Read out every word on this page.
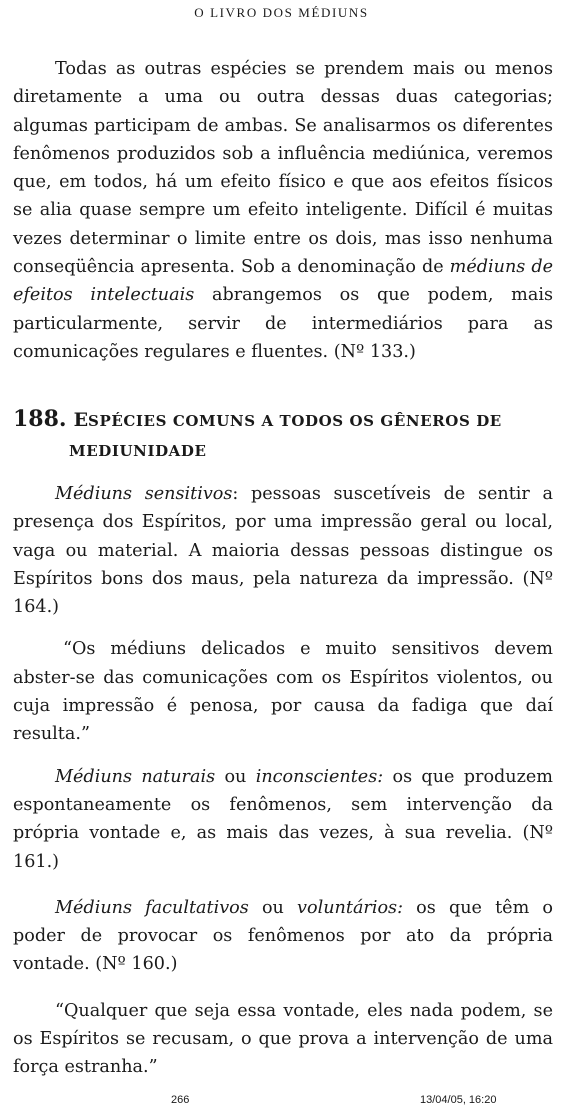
O LIVRO DOS MÉDIUNS

Todas as outras espécies se prendem mais ou menos diretamente a uma ou outra dessas duas categorias; algumas participam de ambas. Se analisarmos os diferentes fenômenos produzidos sob a influência mediúnica, veremos que, em todos, há um efeito físico e que aos efeitos físicos se alia quase sempre um efeito inteligente. Difícil é muitas vezes determinar o limite entre os dois, mas isso nenhuma conseqüência apresenta. Sob a denominação de médiuns de efeitos intelectuais abrangemos os que podem, mais particularmente, servir de intermediários para as comunicações regulares e fluentes. (Nº 133.)

188. ESPÉCIES COMUNS A TODOS OS GÊNEROS DE
MEDIUNIDADE

Médiuns sensitivos: pessoas suscetíveis de sentir a presença dos Espíritos, por uma impressão geral ou local, vaga ou material. A maioria dessas pessoas distingue os Espíritos bons dos maus, pela natureza da impressão. (Nº 164.)

“Os médiuns delicados e muito sensitivos devem abster-se das comunicações com os Espíritos violentos, ou cuja impressão é penosa, por causa da fadiga que daí resulta.”

Médiuns naturais ou inconscientes: os que produzem espontaneamente os fenômenos, sem intervenção da própria vontade e, as mais das vezes, à sua revelia. (Nº 161.)

Médiuns facultativos ou voluntários: os que têm o poder de provocar os fenômenos por ato da própria vontade. (Nº 160.)

“Qualquer que seja essa vontade, eles nada podem, se os Espíritos se recusam, o que prova a intervenção de uma força estranha.”

266	13/04/05, 16:20
